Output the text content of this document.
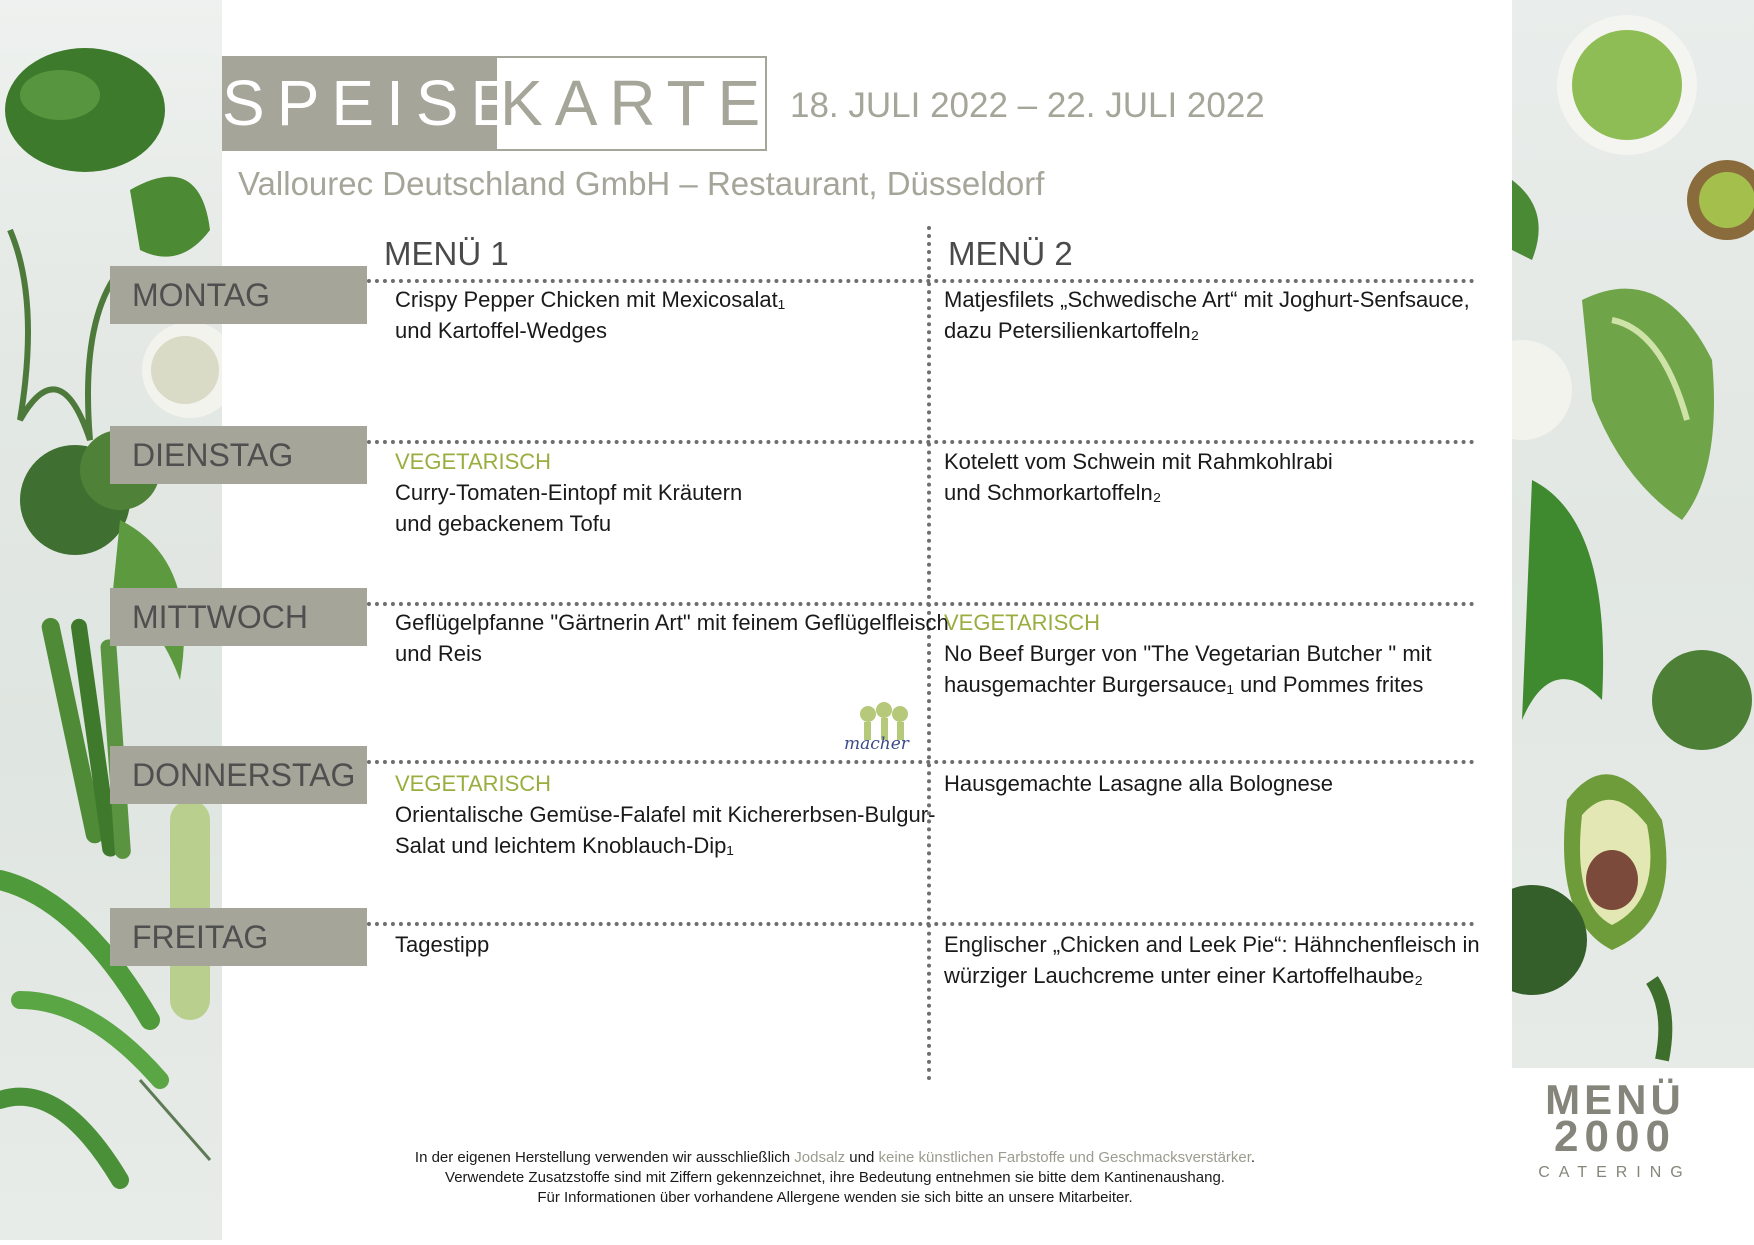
SPEISE
KARTE 18. JULI 2022 – 22. JULI 2022
Vallourec Deutschland GmbH – Restaurant, Düsseldorf
MENÜ 1	MENÜ 2
MONTAG
DIENSTAG
MITTWOCH
DONNERSTAG
FREITAG
Crispy Pepper Chicken mit Mexicosalat₁
und Kartoffel-Wedges
Matjesfilets „Schwedische Art“ mit Joghurt-Senfsauce,
dazu Petersilienkartoffeln₂
VEGETARISCH
Curry-Tomaten-Eintopf mit Kräutern
und gebackenem Tofu
Kotelett vom Schwein mit Rahmkohlrabi
und Schmorkartoffeln₂
Geflügelpfanne "Gärtnerin Art" mit feinem Geflügelfleisch
und Reis
VEGETARISCH
No Beef Burger von "The Vegetarian Butcher " mit
hausgemachter Burgersauce₁ und Pommes frites
macher
VEGETARISCH
Orientalische Gemüse-Falafel mit Kichererbsen-Bulgur-
Salat und leichtem Knoblauch-Dip₁
Hausgemachte Lasagne alla Bolognese
Tagestipp	Englischer „Chicken and Leek Pie“: Hähnchenfleisch in
würziger Lauchcreme unter einer Kartoffelhaube₂
In der eigenen Herstellung verwenden wir ausschließlich Jodsalz und keine künstlichen Farbstoffe und Geschmacksverstärker.
Verwendete Zusatzstoffe sind mit Ziffern gekennzeichnet, ihre Bedeutung entnehmen sie bitte dem Kantinenaushang.
Für Informationen über vorhandene Allergene wenden sie sich bitte an unsere Mitarbeiter.
MENÜ
2000
CATERING
